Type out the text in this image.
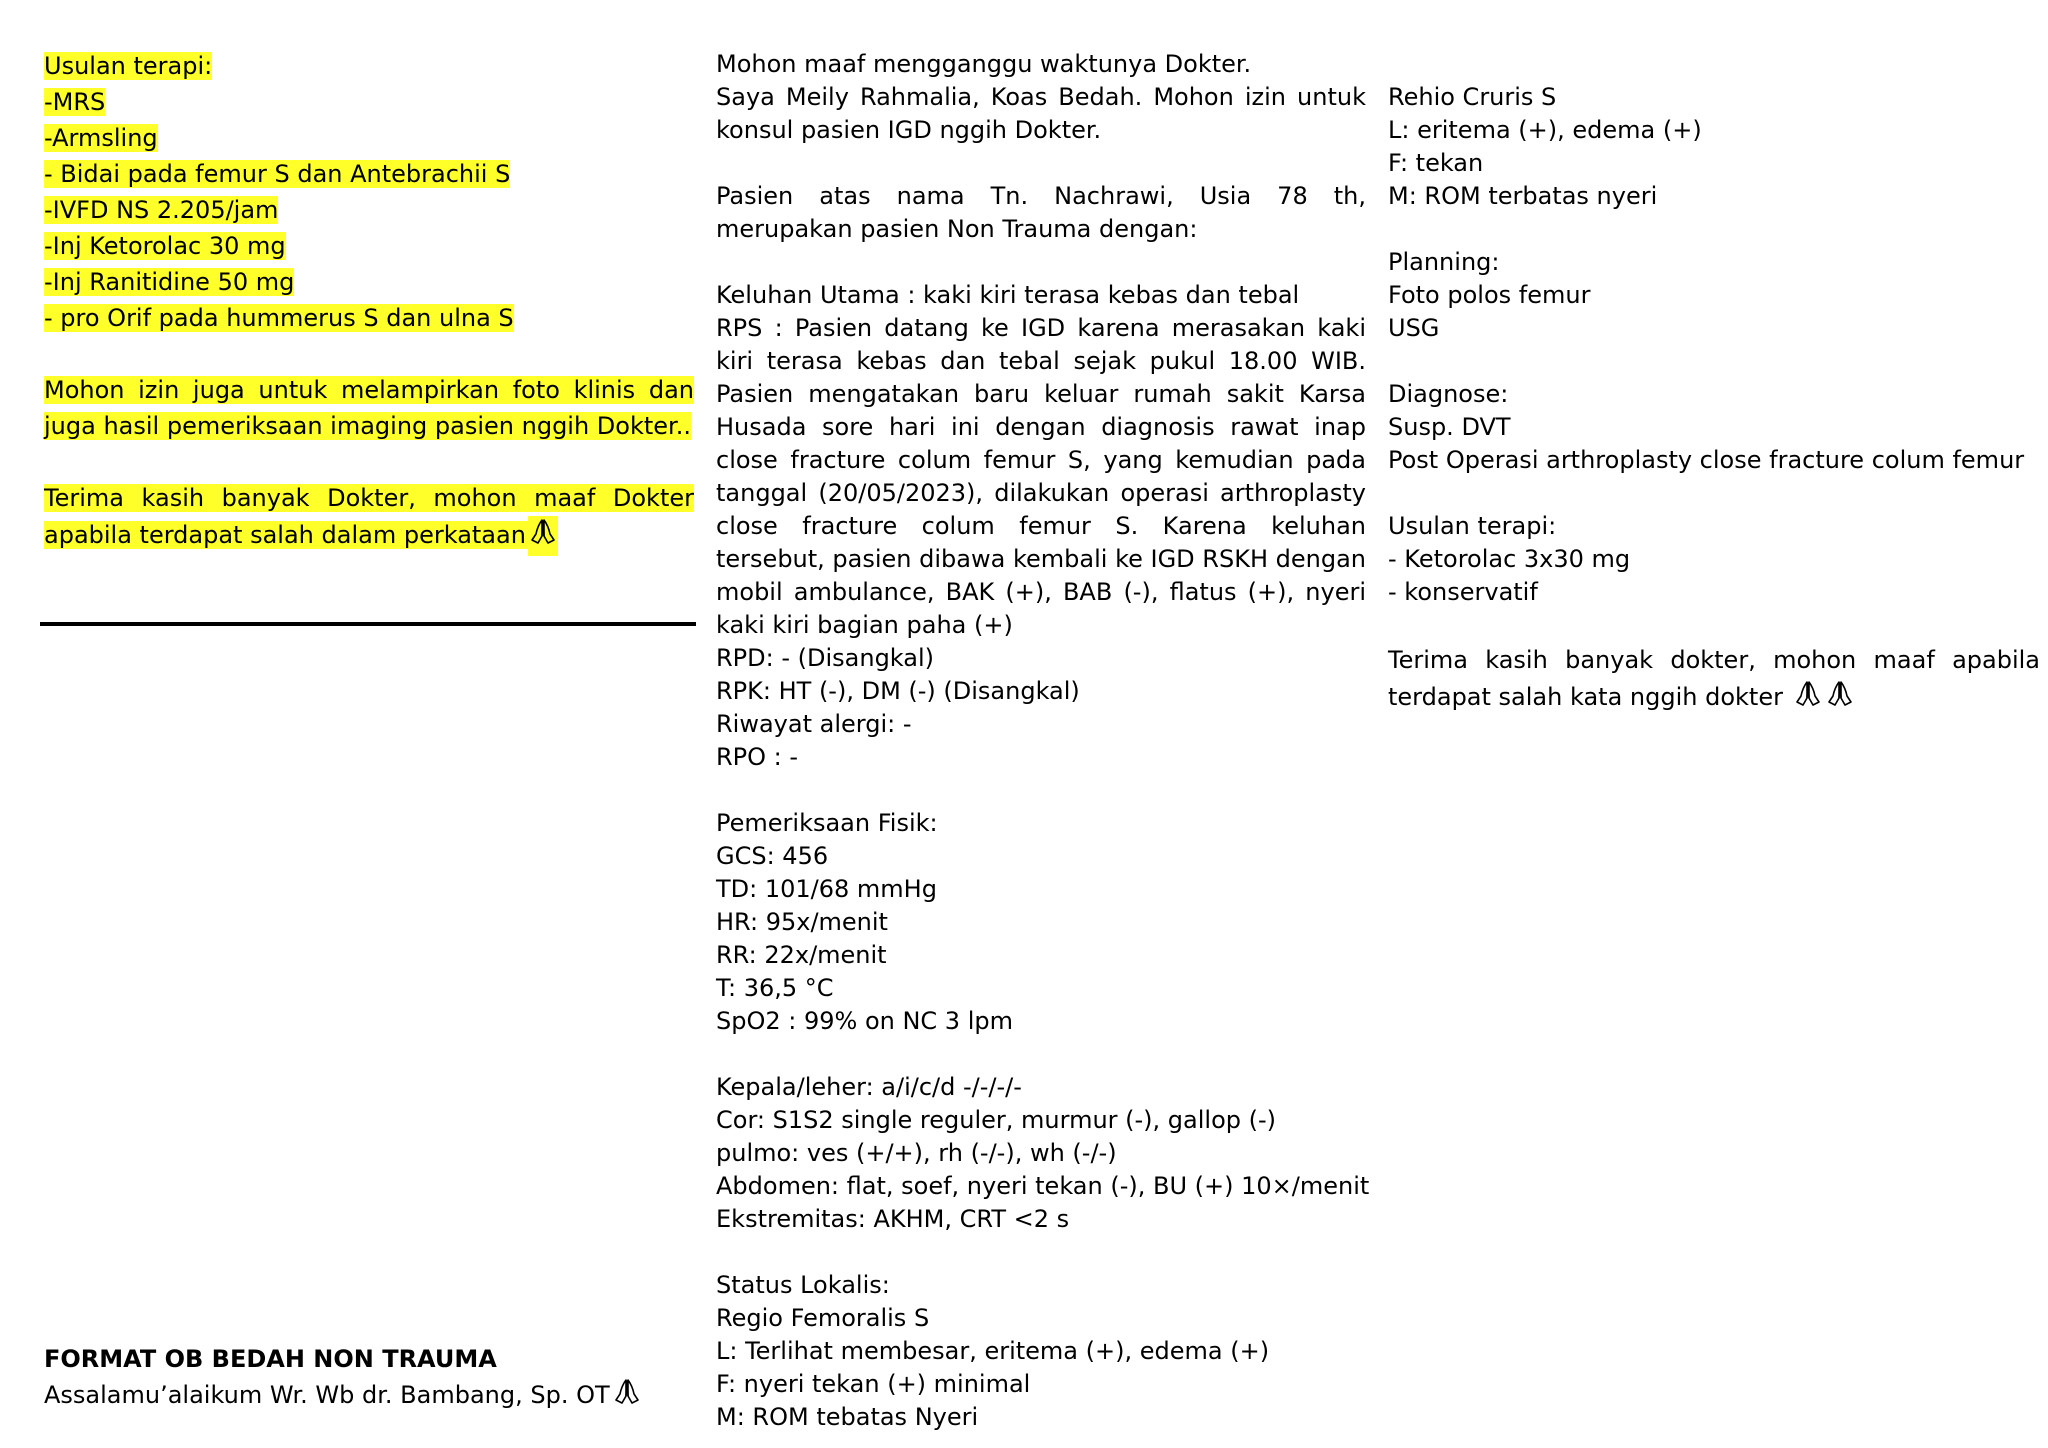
Usulan terapi:
-MRS
-Armsling
- Bidai pada femur S dan Antebrachii S
-IVFD NS 2.205/jam
-Inj Ketorolac 30 mg
-Inj Ranitidine 50 mg
- pro Orif pada hummerus S dan ulna S

Mohon izin juga untuk melampirkan foto klinis dan juga hasil pemeriksaan imaging pasien nggih Dokter..

Terima kasih banyak Dokter, mohon maaf Dokter apabila terdapat salah dalam perkataan

FORMAT OB BEDAH NON TRAUMA
Assalamu’alaikum Wr. Wb dr. Bambang, Sp. OT
Mohon maaf mengganggu waktunya Dokter.

Saya Meily Rahmalia, Koas Bedah. Mohon izin untuk konsul pasien IGD nggih Dokter.

Pasien atas nama Tn. Nachrawi, Usia 78 th, merupakan pasien Non Trauma dengan:

Keluhan Utama : kaki kiri terasa kebas dan tebal

RPS : Pasien datang ke IGD karena merasakan kaki kiri terasa kebas dan tebal sejak pukul 18.00 WIB. Pasien mengatakan baru keluar rumah sakit Karsa Husada sore hari ini dengan diagnosis rawat inap close fracture colum femur S, yang kemudian pada tanggal (20/05/2023), dilakukan operasi arthroplasty close fracture colum femur S. Karena keluhan tersebut, pasien dibawa kembali ke IGD RSKH dengan mobil ambulance, BAK (+), BAB (-), flatus (+), nyeri kaki kiri bagian paha (+)

RPD: - (Disangkal)
RPK: HT (-), DM (-) (Disangkal)
Riwayat alergi: -
RPO : -
Pemeriksaan Fisik:
GCS: 456
TD: 101/68 mmHg
HR: 95x/menit
RR: 22x/menit
T: 36,5 °C
SpO2 : 99% on NC 3 lpm
Kepala/leher: a/i/c/d -/-/-/-
Cor: S1S2 single reguler, murmur (-), gallop (-)
pulmo: ves (+/+), rh (-/-), wh (-/-)
Abdomen: flat, soef, nyeri tekan (-), BU (+) 10×/menit
Ekstremitas: AKHM, CRT <2 s
Status Lokalis:
Regio Femoralis S
L: Terlihat membesar, eritema (+), edema (+)
F: nyeri tekan (+) minimal
M: ROM tebatas Nyeri
Rehio Cruris S
L: eritema (+), edema (+)
F: tekan
M: ROM terbatas nyeri
Planning:
Foto polos femur
USG
Diagnose:
Susp. DVT
Post Operasi arthroplasty close fracture colum femur
Usulan terapi:
- Ketorolac 3x30 mg
- konservatif

Terima kasih banyak dokter, mohon maaf apabila terdapat salah kata nggih dokter
